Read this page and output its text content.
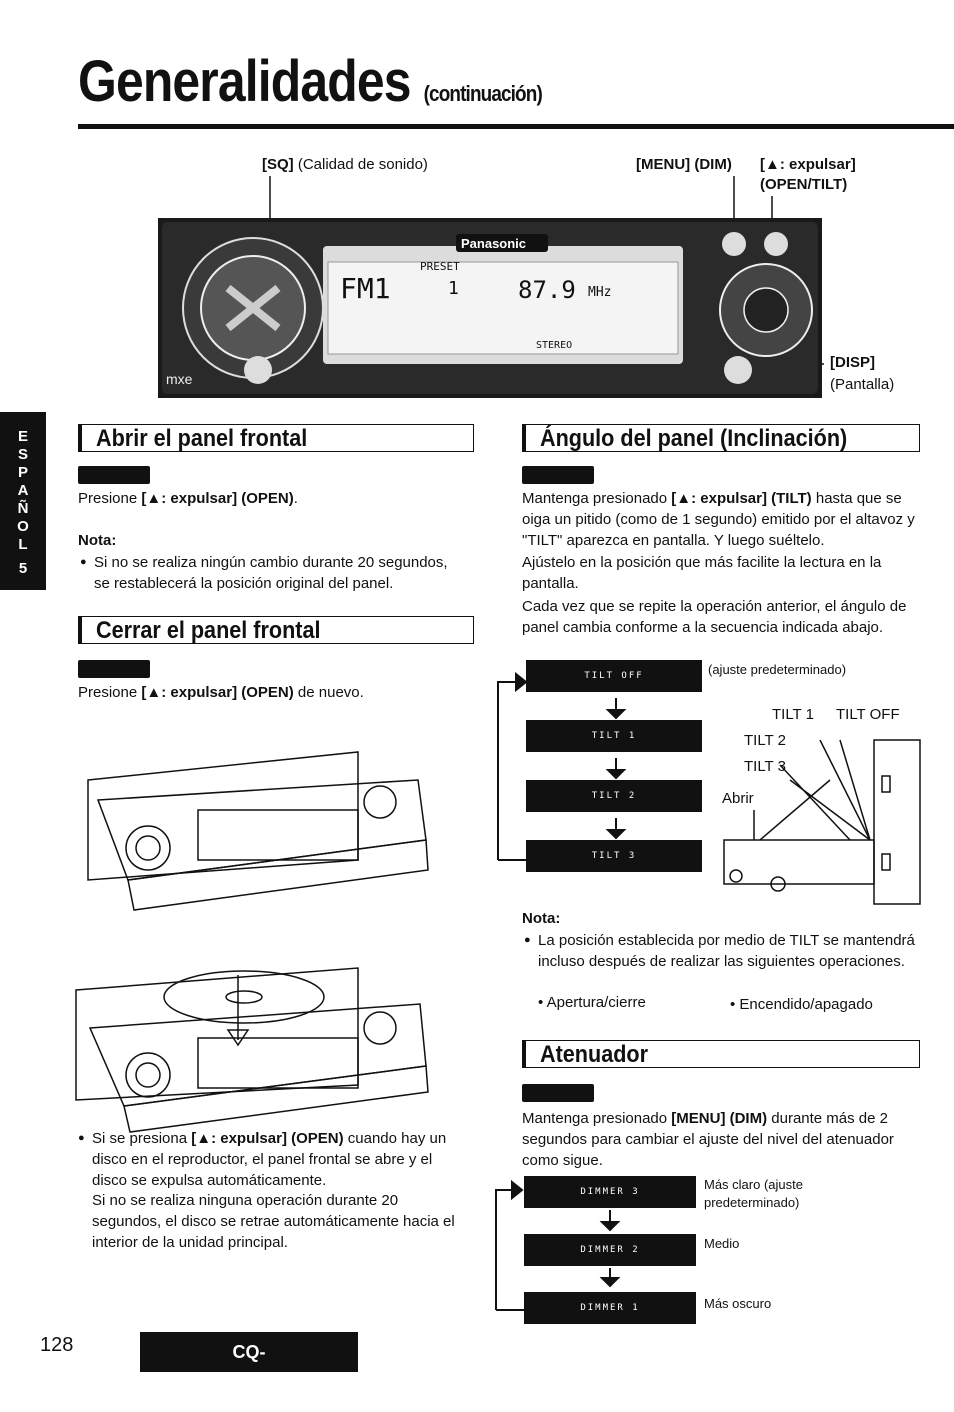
Generalidades (continuación)
E
S
P
A
Ñ
O
L
5
[SQ] (Calidad de sonido)	[MENU] (DIM) [▲: expulsar]
(OPEN/TILT)
FM1
PRESET
1 87.9 MHz
STEREO
Panasonic
mxe
[DISP]
(Pantalla)
Abrir el panel frontal
Presione [▲: expulsar] (OPEN).
Nota:
● Si no se realiza ningún cambio durante 20 segundos, se restablecerá la posición original del panel.
Cerrar el panel frontal
Presione [▲: expulsar] (OPEN) de nuevo.
● Si se presiona [▲: expulsar] (OPEN) cuando hay un disco en el reproductor, el panel frontal se abre y el disco se expulsa automáticamente.
Si no se realiza ninguna operación durante 20 segundos, el disco se retrae automáticamente hacia el interior de la unidad principal.
Ángulo del panel (Inclinación)
Mantenga presionado [▲: expulsar] (TILT) hasta que se oiga un pitido (como de 1 segundo) emitido por el altavoz y "TILT" aparezca en pantalla. Y luego suéltelo.
Ajústelo en la posición que más facilite la lectura en la pantalla.
Cada vez que se repite la operación anterior, el ángulo de panel cambia conforme a la secuencia indicada abajo.
TILT OFF
TILT 1
TILT 2
TILT 3
(ajuste predeterminado)
TILT 1 TILT OFF
TILT 2
TILT 3
Abrir
Nota:
● La posición establecida por medio de TILT se mantendrá incluso después de realizar las siguientes operaciones.
• Apertura/cierre	• Encendido/apagado
Atenuador
Mantenga presionado [MENU] (DIM) durante más de 2 segundos para cambiar el ajuste del nivel del atenuador como sigue.
DIMMER 3
DIMMER 2
DIMMER 1
Más claro (ajuste predeterminado)
Medio
Más oscuro
128	CQ-C8400/8300/8200/8100U
